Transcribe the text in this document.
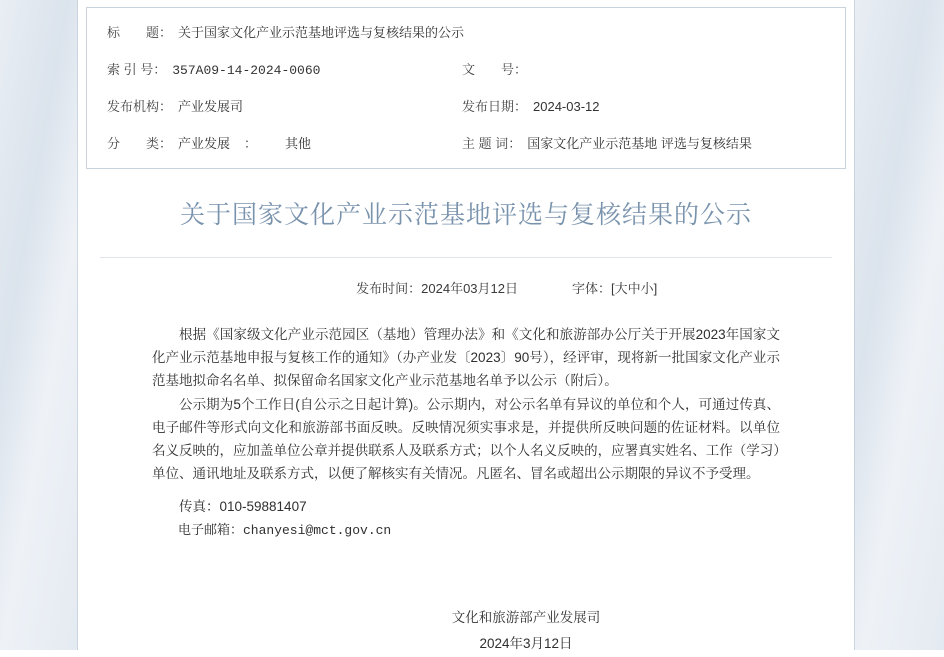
标　　题： 关于国家文化产业示范基地评选与复核结果的公示
索 引 号： 357A09-14-2024-0060	文　　号：
发布机构： 产业发展司	发布日期： 2024-03-12
分　　类： 产业发展 ： 其他	主 题 词： 国家文化产业示范基地 评选与复核结果
关于国家文化产业示范基地评选与复核结果的公示
发布时间：2024年03月12日	字体：[大中小]

根据《国家级文化产业示范园区（基地）管理办法》和《文化和旅游部办公厅关于开展2023年国家文化产业示范基地申报与复核工作的通知》（办产业发〔2023〕90号），经评审，现将新一批国家文化产业示范基地拟命名名单、拟保留命名国家文化产业示范基地名单予以公示（附后）。

公示期为5个工作日(自公示之日起计算)。公示期内，对公示名单有异议的单位和个人，可通过传真、电子邮件等形式向文化和旅游部书面反映。反映情况须实事求是，并提供所反映问题的佐证材料。以单位名义反映的，应加盖单位公章并提供联系人及联系方式；以个人名义反映的，应署真实姓名、工作（学习）单位、通讯地址及联系方式，以便了解核实有关情况。凡匿名、冒名或超出公示期限的异议不予受理。

传真：010-59881407

电子邮箱：chanyesi@mct.gov.cn

文化和旅游部产业发展司
2024年3月12日
